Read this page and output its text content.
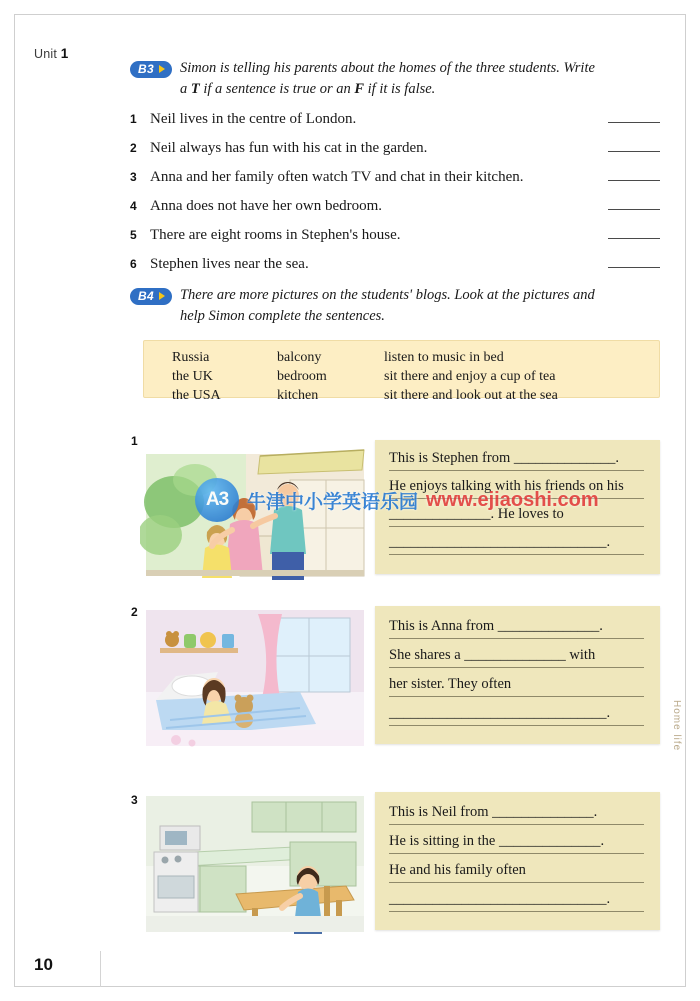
Unit 1
B3 Simon is telling his parents about the homes of the three students. Write
a T if a sentence is true or an F if it is false.
1 Neil lives in the centre of London.
2 Neil always has fun with his cat in the garden.
3 Anna and her family often watch TV and chat in their kitchen.
4 Anna does not have her own bedroom.
5 There are eight rooms in Stephen's house.
6 Stephen lives near the sea.
B4 There are more pictures on the students' blogs. Look at the pictures and
help Simon complete the sentences.
Russia	balcony	listen to music in bed
the UK	bedroom	sit there and enjoy a cup of tea
the USA	kitchen	sit there and look out at the sea
1
This is Stephen from ______________.
He enjoys talking with his friends on his
______________. He loves to
______________________________.
2
This is Anna from ______________.
She shares a ______________ with
her sister. They often
______________________________.
3
This is Neil from ______________.
He is sitting in the ______________.
He and his family often
______________________________.
A3 牛津中小学英语乐园 www.ejiaoshi.com
Home life
10
